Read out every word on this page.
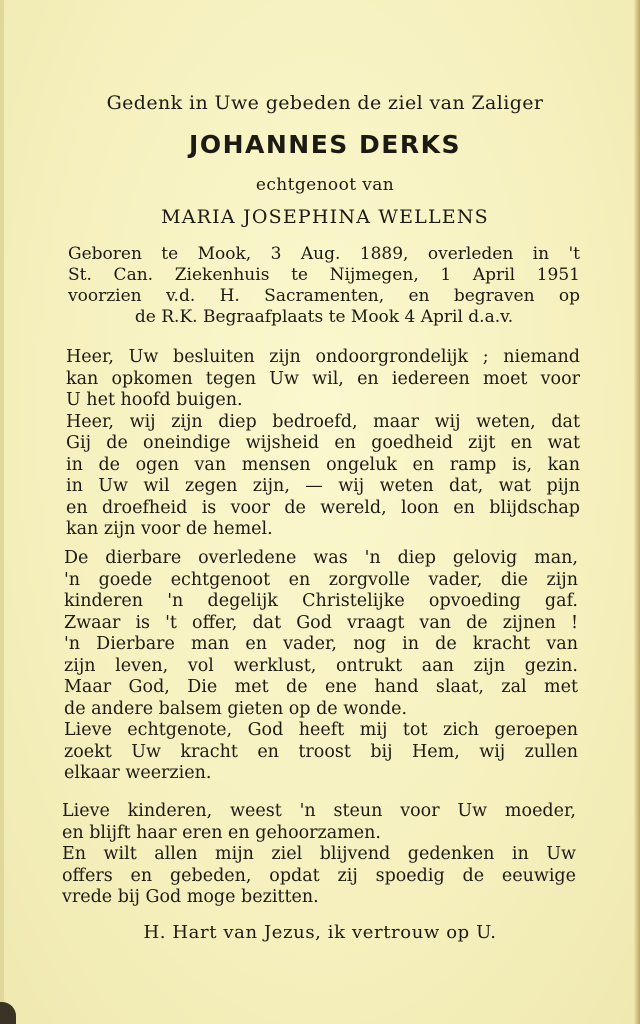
Gedenk in Uwe gebeden de ziel van Zaliger
JOHANNES DERKS
echtgenoot van
MARIA JOSEPHINA WELLENS
Geboren te Mook, 3 Aug. 1889, overleden in 't
St. Can. Ziekenhuis te Nijmegen, 1 April 1951
voorzien v.d. H. Sacramenten, en begraven op
de R.K. Begraafplaats te Mook 4 April d.a.v.
Heer, Uw besluiten zijn ondoorgrondelijk ; niemand
kan opkomen tegen Uw wil, en iedereen moet voor
U het hoofd buigen.
Heer, wij zijn diep bedroefd, maar wij weten, dat
Gij de oneindige wijsheid en goedheid zijt en wat
in de ogen van mensen ongeluk en ramp is, kan
in Uw wil zegen zijn, — wij weten dat, wat pijn
en droefheid is voor de wereld, loon en blijdschap
kan zijn voor de hemel.
De dierbare overledene was 'n diep gelovig man,
'n goede echtgenoot en zorgvolle vader, die zijn
kinderen 'n degelijk Christelijke opvoeding gaf.
Zwaar is 't offer, dat God vraagt van de zijnen !
'n Dierbare man en vader, nog in de kracht van
zijn leven, vol werklust, ontrukt aan zijn gezin.
Maar God, Die met de ene hand slaat, zal met
de andere balsem gieten op de wonde.
Lieve echtgenote, God heeft mij tot zich geroepen
zoekt Uw kracht en troost bij Hem, wij zullen
elkaar weerzien.
Lieve kinderen, weest 'n steun voor Uw moeder,
en blijft haar eren en gehoorzamen.
En wilt allen mijn ziel blijvend gedenken in Uw
offers en gebeden, opdat zij spoedig de eeuwige
vrede bij God moge bezitten.
H. Hart van Jezus, ik vertrouw op U.
